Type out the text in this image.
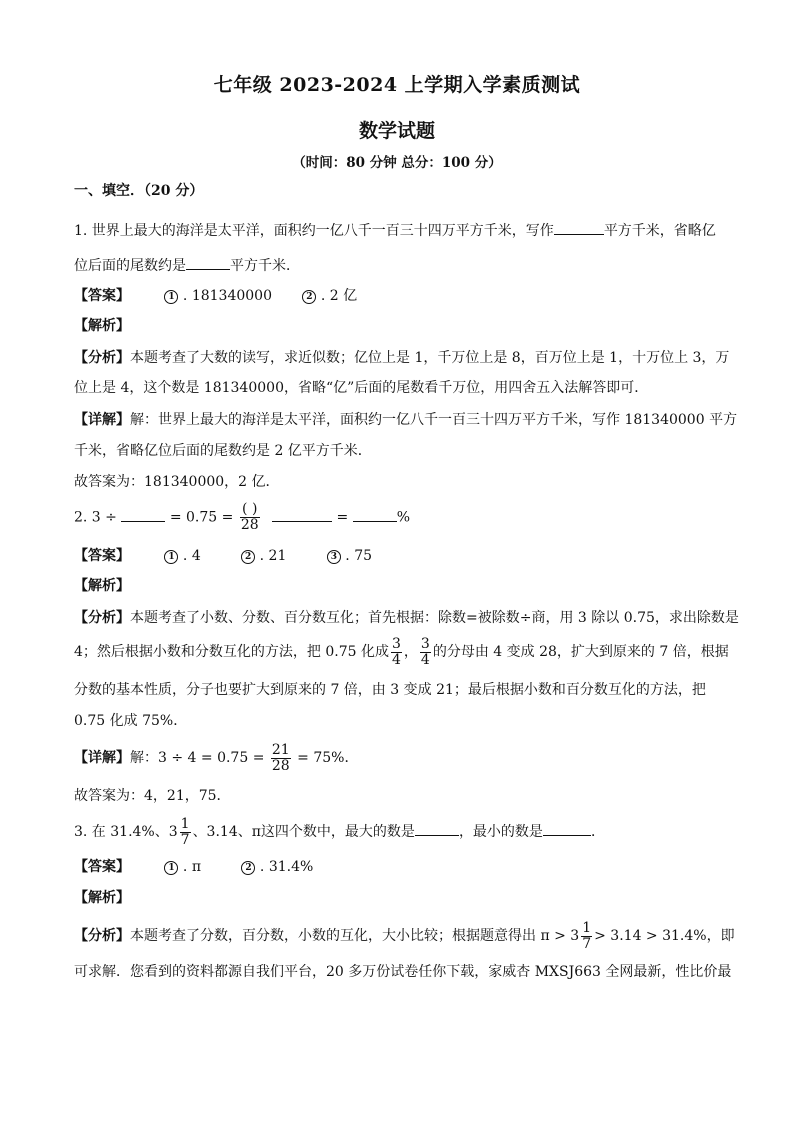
七年级 2023-2024 上学期入学素质测试
数学试题
（时间：80 分钟 总分：100 分）
一、填空．（20 分）
1. 世界上最大的海洋是太平洋，面积约一亿八千一百三十四万平方千米，写作	平方千米，省略亿
位后面的尾数约是	平方千米．
【答案】	1 . 181340000	2 . 2 亿
【解析】
【分析】本题考查了大数的读写，求近似数；亿位上是 1，千万位上是 8，百万位上是 1，十万位上 3，万
位上是 4，这个数是 181340000，省略“亿”后面的尾数看千万位，用四舍五入法解答即可．
【详解】解：世界上最大的海洋是太平洋，面积约一亿八千一百三十四万平方千米，写作 181340000 平方
千米，省略亿位后面的尾数约是 2 亿平方千米．
故答案为：181340000，2 亿．
2. 3 ÷	= $0.75 = \frac{( )}{28}$	=	%
【答案】	1 . 4	2 . 21	3 . 75
【解析】
【分析】本题考查了小数、分数、百分数互化；首先根据：除数=被除数÷商，用 3 除以 0.75，求出除数是
4；然后根据小数和分数互化的方法，把 0.75 化成 $\frac{3}{4}$ ， $\frac{3}{4}$ 的分母由 4 变成 28，扩大到原来的 7 倍，根据
分数的基本性质，分子也要扩大到原来的 7 倍，由 3 变成 21；最后根据小数和百分数互化的方法，把
0.75 化成 75%．
【详解】解：$3 \div 4 = 0.75 = \frac{21}{28} = 75\%$．
故答案为：4，21，75．
3. 在 31.4%、$3 \frac{1}{7}$ 、3.14、π这四个数中，最大的数是	，最小的数是	．
【答案】	1 . π	2 . 31.4%
【解析】
【分析】本题考查了分数，百分数，小数的互化，大小比较；根据题意得出 $\pi > 3 \frac{1}{7} > 3.14 > 31.4\%$，即
可求解．您看到的资料都源自我们平台，20 多万份试卷任你下载，家威杏 MXSJ663 全网最新，性比价最
